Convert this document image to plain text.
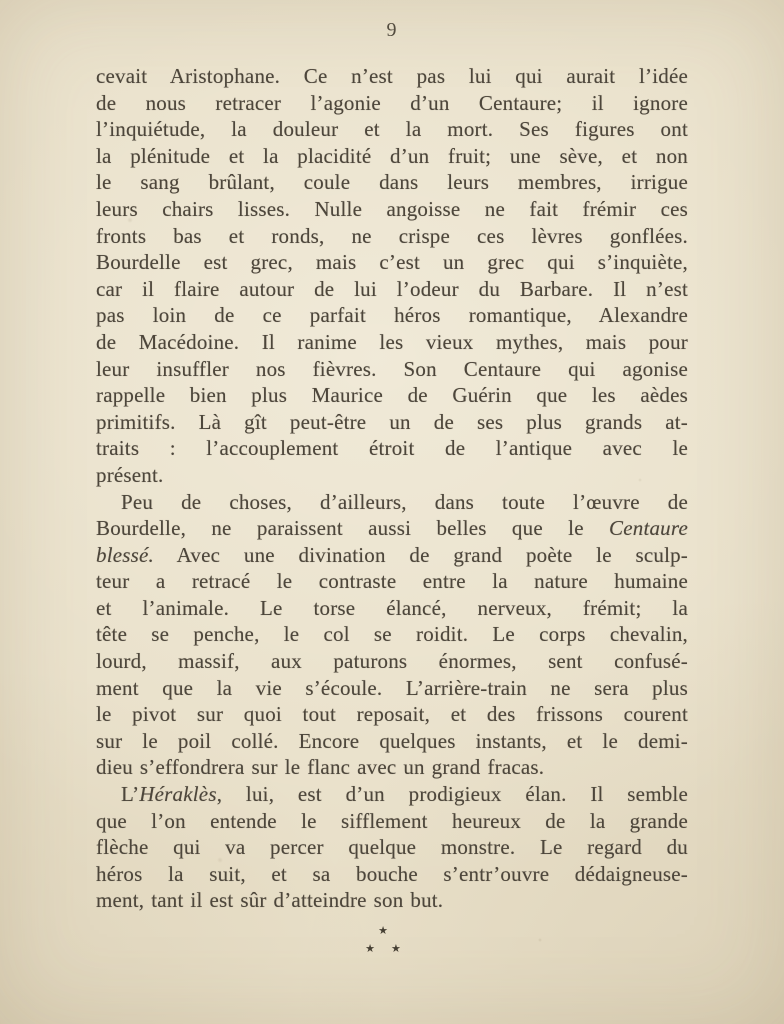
9
cevait Aristophane. Ce n’est pas lui qui aurait l’idée
de nous retracer l’agonie d’un Centaure; il ignore
l’inquiétude, la douleur et la mort. Ses figures ont
la plénitude et la placidité d’un fruit; une sève, et non
le sang brûlant, coule dans leurs membres, irrigue
leurs chairs lisses. Nulle angoisse ne fait frémir ces
fronts bas et ronds, ne crispe ces lèvres gonflées.
Bourdelle est grec, mais c’est un grec qui s’inquiète,
car il flaire autour de lui l’odeur du Barbare. Il n’est
pas loin de ce parfait héros romantique, Alexandre
de Macédoine. Il ranime les vieux mythes, mais pour
leur insuffler nos fièvres. Son Centaure qui agonise
rappelle bien plus Maurice de Guérin que les aèdes
primitifs. Là gît peut-être un de ses plus grands at-
traits : l’accouplement étroit de l’antique avec le
présent.
Peu de choses, d’ailleurs, dans toute l’œuvre de
Bourdelle, ne paraissent aussi belles que le Centaure
blessé. Avec une divination de grand poète le sculp-
teur a retracé le contraste entre la nature humaine
et l’animale. Le torse élancé, nerveux, frémit; la
tête se penche, le col se roidit. Le corps chevalin,
lourd, massif, aux paturons énormes, sent confusé-
ment que la vie s’écoule. L’arrière-train ne sera plus
le pivot sur quoi tout reposait, et des frissons courent
sur le poil collé. Encore quelques instants, et le demi-
dieu s’effondrera sur le flanc avec un grand fracas.
L’Héraklès, lui, est d’un prodigieux élan. Il semble
que l’on entende le sifflement heureux de la grande
flèche qui va percer quelque monstre. Le regard du
héros la suit, et sa bouche s’entr’ouvre dédaigneuse-
ment, tant il est sûr d’atteindre son but.
★
★ ★
